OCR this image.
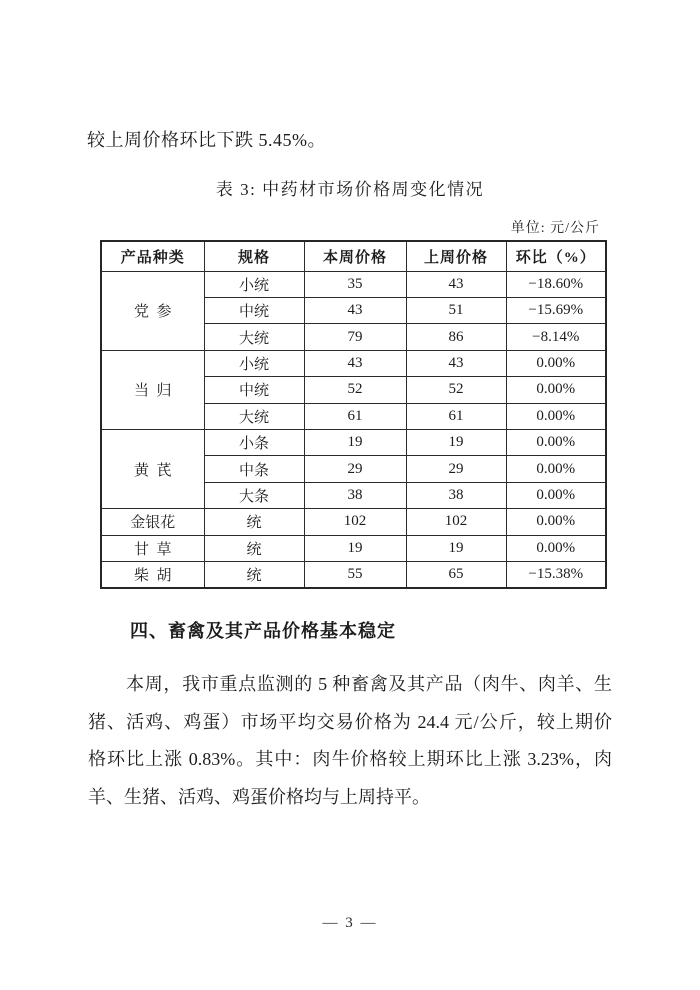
较上周价格环比下跌 5.45%。

表 3: 中药材市场价格周变化情况
单位: 元/公斤
产品种类	规格	本周价格	上周价格	环比（%）
党 参	小统	35	43	−18.60%
	中统	43	51	−15.69%
	大统	79	86	−8.14%
当 归	小统	43	43	0.00%
	中统	52	52	0.00%
	大统	61	61	0.00%
黄 芪	小条	19	19	0.00%
	中条	29	29	0.00%
	大条	38	38	0.00%
金银花	统	102	102	0.00%
甘 草	统	19	19	0.00%
柴 胡	统	55	65	−15.38%
四、畜禽及其产品价格基本稳定
本周，我市重点监测的 5 种畜禽及其产品（肉牛、肉羊、生
猪、活鸡、鸡蛋）市场平均交易价格为 24.4 元/公斤，较上期价
格环比上涨 0.83%。其中：肉牛价格较上期环比上涨 3.23%，肉
羊、生猪、活鸡、鸡蛋价格均与上周持平。
— 3 —
